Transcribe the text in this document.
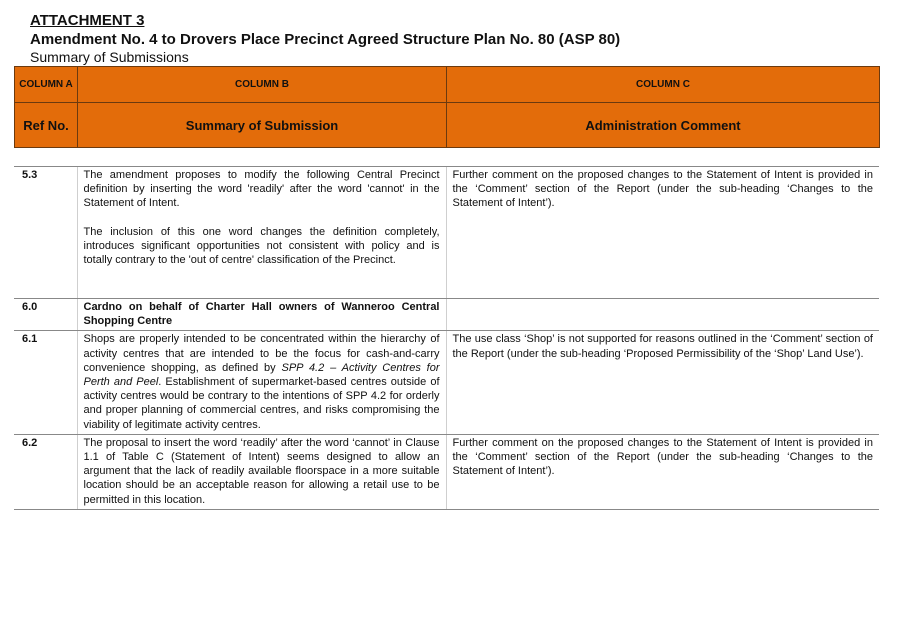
ATTACHMENT 3
Amendment No. 4 to Drovers Place Precinct Agreed Structure Plan No. 80 (ASP 80)
Summary of Submissions
COLUMN A	COLUMN B	COLUMN C
Ref No.	Summary of Submission	Administration Comment
5.3	The amendment proposes to modify the following Central Precinct definition by inserting the word 'readily' after the word 'cannot' in the Statement of Intent.

The inclusion of this one word changes the definition completely, introduces significant opportunities not consistent with policy and is totally contrary to the 'out of centre' classification of the Precinct.	Further comment on the proposed changes to the Statement of Intent is provided in the ‘Comment’ section of the Report (under the sub-heading ‘Changes to the Statement of Intent’).
6.0	Cardno on behalf of Charter Hall owners of Wanneroo Central Shopping Centre	
6.1	Shops are properly intended to be concentrated within the hierarchy of activity centres that are intended to be the focus for cash-and-carry convenience shopping, as defined by SPP 4.2 – Activity Centres for Perth and Peel. Establishment of supermarket-based centres outside of activity centres would be contrary to the intentions of SPP 4.2 for orderly and proper planning of commercial centres, and risks compromising the viability of legitimate activity centres.	The use class ‘Shop’ is not supported for reasons outlined in the ‘Comment’ section of the Report (under the sub-heading ‘Proposed Permissibility of the ‘Shop’ Land Use’).
6.2	The proposal to insert the word ‘readily’ after the word ‘cannot’ in Clause 1.1 of Table C (Statement of Intent) seems designed to allow an argument that the lack of readily available floorspace in a more suitable location should be an acceptable reason for allowing a retail use to be permitted in this location.	Further comment on the proposed changes to the Statement of Intent is provided in the ‘Comment’ section of the Report (under the sub-heading ‘Changes to the Statement of Intent’).
